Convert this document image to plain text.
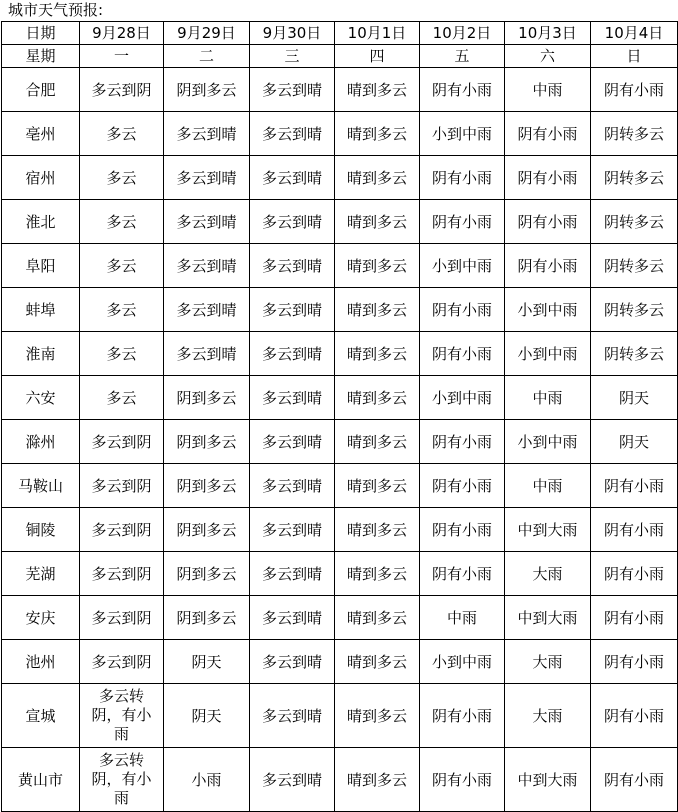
城市天气预报:
日期	9月28日	9月29日	9月30日	10月1日	10月2日	10月3日	10月4日
星期	一	二	三	四	五	六	日
合肥	多云到阴	阴到多云	多云到晴	晴到多云	阴有小雨	中雨	阴有小雨
亳州	多云	多云到晴	多云到晴	晴到多云	小到中雨	阴有小雨	阴转多云
宿州	多云	多云到晴	多云到晴	晴到多云	阴有小雨	阴有小雨	阴转多云
淮北	多云	多云到晴	多云到晴	晴到多云	阴有小雨	阴有小雨	阴转多云
阜阳	多云	多云到晴	多云到晴	晴到多云	小到中雨	阴有小雨	阴转多云
蚌埠	多云	多云到晴	多云到晴	晴到多云	阴有小雨	小到中雨	阴转多云
淮南	多云	多云到晴	多云到晴	晴到多云	阴有小雨	小到中雨	阴转多云
六安	多云	阴到多云	多云到晴	晴到多云	小到中雨	中雨	阴天
滁州	多云到阴	阴到多云	多云到晴	晴到多云	阴有小雨	小到中雨	阴天
马鞍山	多云到阴	阴到多云	多云到晴	晴到多云	阴有小雨	中雨	阴有小雨
铜陵	多云到阴	阴到多云	多云到晴	晴到多云	阴有小雨	中到大雨	阴有小雨
芜湖	多云到阴	阴到多云	多云到晴	晴到多云	阴有小雨	大雨	阴有小雨
安庆	多云到阴	阴到多云	多云到晴	晴到多云	中雨	中到大雨	阴有小雨
池州	多云到阴	阴天	多云到晴	晴到多云	小到中雨	大雨	阴有小雨
宣城	多云转阴，有小雨	阴天	多云到晴	晴到多云	阴有小雨	大雨	阴有小雨
黄山市	多云转阴，有小雨	小雨	多云到晴	晴到多云	阴有小雨	中到大雨	阴有小雨
